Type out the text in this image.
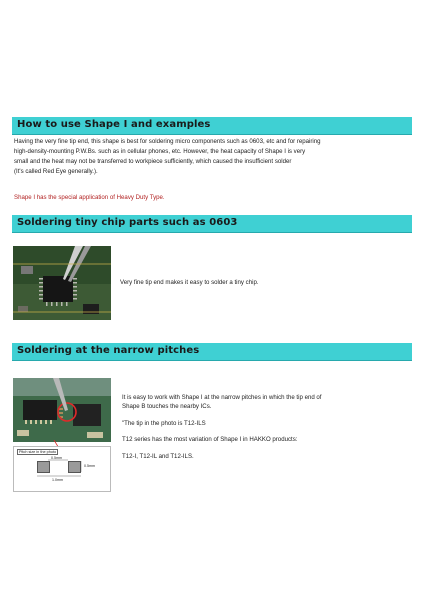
How to use Shape I and examples
Having the very fine tip end, this shape is best for soldering micro components such as 0603, etc and for repairing
high-density-mounting P.W.Bs. such as in cellular phones, etc. However, the heat capacity of Shape I is very
small and the heat may not be transferred to workpiece sufficiently, which caused the insufficient solder
(It's called Red Eye generally.).
Shape I has the special application of Heavy Duty Type.
Soldering tiny chip parts such as 0603
Very fine tip end makes it easy to solder a tiny chip.
Soldering at the narrow pitches
Pitch size in the photo
0.5mm
0.5mm
1.0mm
It is easy to work with Shape I at the narrow pitches in which the tip end of
Shape B touches the nearby ICs.
"The tip in the photo is T12-ILS
T12 series has the most variation of Shape I in HAKKO products:
T12-I, T12-IL and T12-ILS.
